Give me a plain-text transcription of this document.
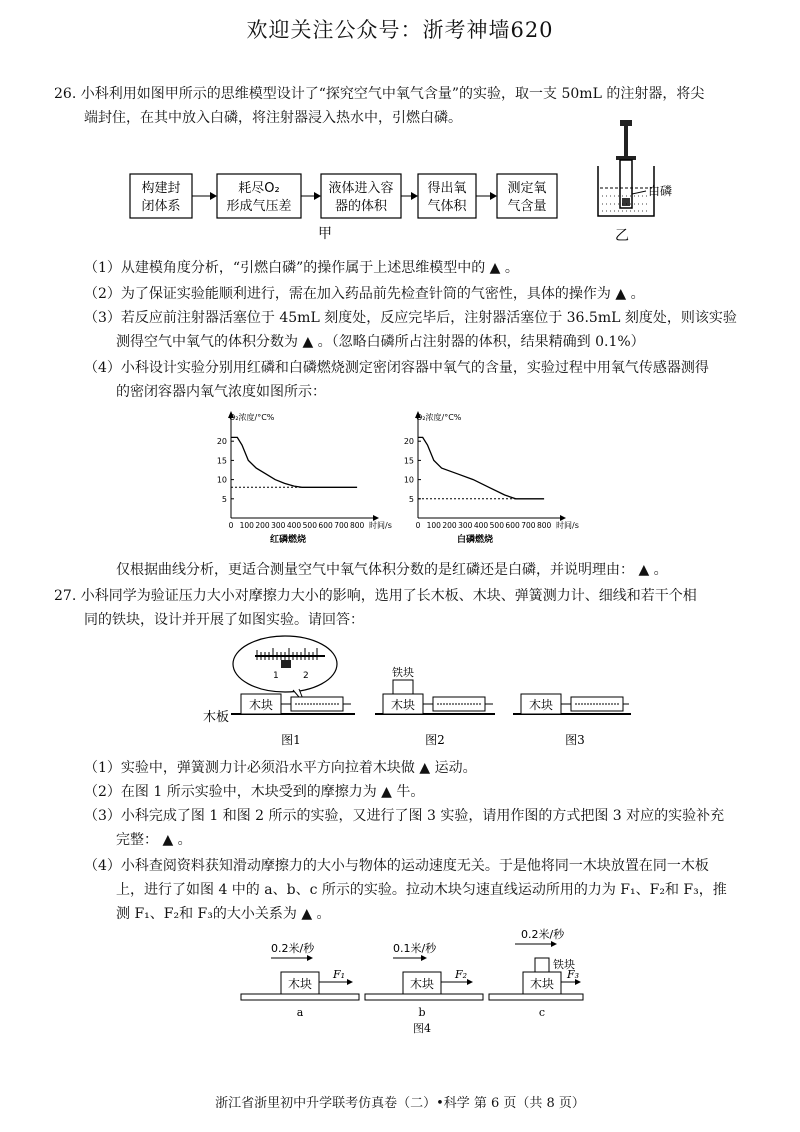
欢迎关注公众号：浙考神墙620
26. 小科利用如图甲所示的思维模型设计了“探究空气中氧气含量”的实验，取一支 50mL 的注射器，将尖
端封住，在其中放入白磷，将注射器浸入热水中，引燃白磷。
构建封
闭体系
耗尽O₂
形成气压差
液体进入容
器的体积
得出氧
气体积
测定氧
气含量
甲
白磷
乙
（1）从建模角度分析，“引燃白磷”的操作属于上述思维模型中的 ▲ 。
（2）为了保证实验能顺利进行，需在加入药品前先检查针筒的气密性，具体的操作为 ▲ 。
（3）若反应前注射器活塞位于 45mL 刻度处，反应完毕后，注射器活塞位于 36.5mL 刻度处，则该实验
测得空气中氧气的体积分数为 ▲ 。（忽略白磷所占注射器的体积，结果精确到 0.1%）
（4）小科设计实验分别用红磷和白磷燃烧测定密闭容器中氧气的含量，实验过程中用氧气传感器测得
的密闭容器内氧气浓度如图所示：
O₂浓度/°C%
5
10
15
20
0 100 200 300 400 500 600 700 800 时间/s
红磷燃烧
O₂浓度/°C%
5
10
15
20
0 100 200 300 400 500 600 700 800 时间/s
白磷燃烧
仅根据曲线分析，更适合测量空气中氧气体积分数的是红磷还是白磷，并说明理由： ▲ 。
27. 小科同学为验证压力大小对摩擦力大小的影响，选用了长木板、木块、弹簧测力计、细线和若干个相
同的铁块，设计并开展了如图实验。请回答：
1	2
木板
木块
图1
木块
铁块
图2
木块
图3
（1）实验中，弹簧测力计必须沿水平方向拉着木块做 ▲ 运动。
（2）在图 1 所示实验中，木块受到的摩擦力为 ▲ 牛。
（3）小科完成了图 1 和图 2 所示的实验，又进行了图 3 实验，请用作图的方式把图 3 对应的实验补充
完整： ▲ 。
（4）小科查阅资料获知滑动摩擦力的大小与物体的运动速度无关。于是他将同一木块放置在同一木板
上，进行了如图 4 中的 a、b、c 所示的实验。拉动木块匀速直线运动所用的力为 F₁、F₂和 F₃，推
测 F₁、F₂和 F₃的大小关系为 ▲ 。
0.2米/秒
木块
F₁
a
0.1米/秒
木块
F₂
b
图4
0.2米/秒
铁块
木块
F₃
c
浙江省浙里初中升学联考仿真卷（二）•科学 第 6 页（共 8 页）
